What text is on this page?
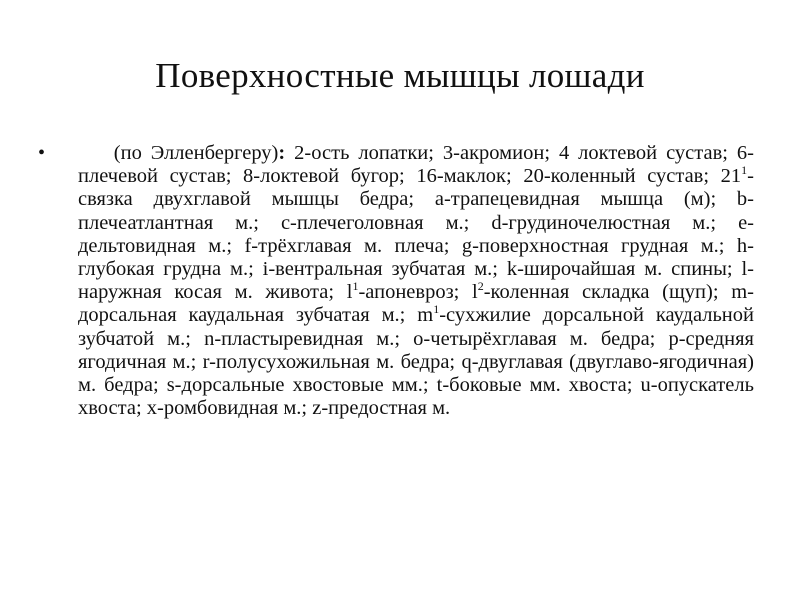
Поверхностные мышцы лошади
•	(по Элленбергеру): 2-ость лопатки; 3-акромион; 4 локтевой сустав; 6-плечевой сустав; 8-локтевой бугор; 16-маклок; 20-коленный сустав; $21^1$-связка двухглавой мышцы бедра; a-трапецевидная мышца (м); b-плечеатлантная м.; с-плечеголовная м.; d-грудиночелюстная м.; e-дельтовидная м.; f-трёхглавая м. плеча; g-поверхностная грудная м.; h-глубокая грудна м.; i-вентральная зубчатая м.; k-широчайшая м. спины; l-наружная косая м. живота; $l^1$-апоневроз; $l^2$-коленная складка (щуп); m-дорсальная каудальная зубчатая м.; $m^1$-сухжилие дорсальной каудальной зубчатой м.; n-пластыревидная м.; o-четырёхглавая м. бедра; p-средняя ягодичная м.; r-полусухожильная м. бедра; q-двуглавая (двуглаво-ягодичная) м. бедра; s-дорсальные хвостовые мм.; t-боковые мм. хвоста; u-опускатель хвоста; x-ромбовидная м.; z-предостная м.
